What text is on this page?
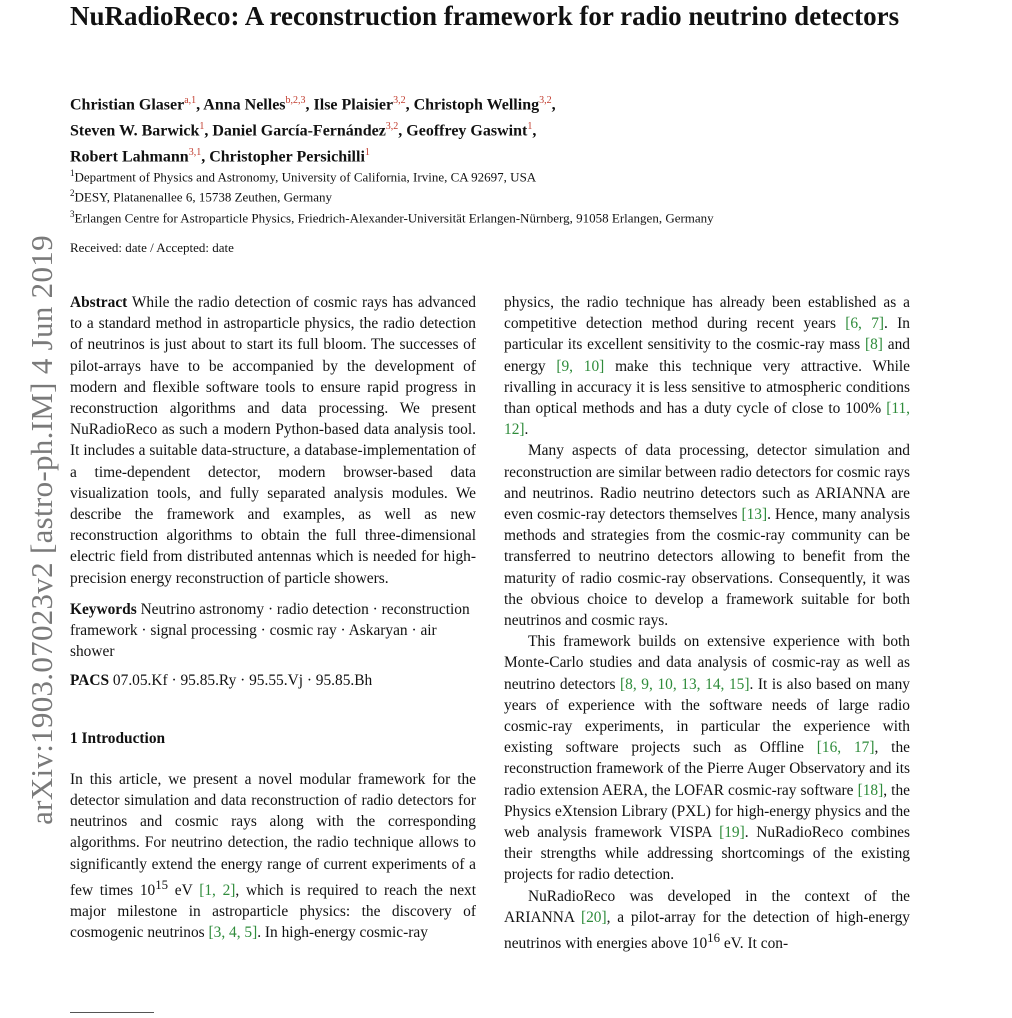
arXiv:1903.07023v2 [astro-ph.IM] 4 Jun 2019
NuRadioReco: A reconstruction framework for radio neutrino detectors
Christian Glaser$^{a,1}$, Anna Nelles$^{b,2,3}$, Ilse Plaisier$^{3,2}$, Christoph Welling$^{3,2}$,
Steven W. Barwick$^1$, Daniel García-Fernández$^{3,2}$, Geoffrey Gaswint$^1$,
Robert Lahmann$^{3,1}$, Christopher Persichilli$^1$
$^1$Department of Physics and Astronomy, University of California, Irvine, CA 92697, USA
$^2$DESY, Platanenallee 6, 15738 Zeuthen, Germany
$^3$Erlangen Centre for Astroparticle Physics, Friedrich-Alexander-Universität Erlangen-Nürnberg, 91058 Erlangen, Germany
Received: date / Accepted: date

Abstract While the radio detection of cosmic rays has advanced to a standard method in astroparticle physics, the radio detection of neutrinos is just about to start its full bloom. The successes of pilot-arrays have to be accompanied by the development of modern and flexible software tools to ensure rapid progress in reconstruction algorithms and data processing. We present NuRadioReco as such a modern Python-based data analysis tool. It includes a suitable data-structure, a database-implementation of a time-dependent detector, modern browser-based data visualization tools, and fully separated analysis modules. We describe the framework and examples, as well as new reconstruction algorithms to obtain the full three-dimensional electric field from distributed antennas which is needed for high-precision energy reconstruction of particle showers.

Keywords Neutrino astronomy · radio detection · reconstruction framework · signal processing · cosmic ray · Askaryan · air shower

PACS 07.05.Kf · 95.85.Ry · 95.55.Vj · 95.85.Bh

1 Introduction

In this article, we present a novel modular framework for the detector simulation and data reconstruction of radio detectors for neutrinos and cosmic rays along with the corresponding algorithms. For neutrino detection, the radio technique allows to significantly extend the energy range of current experiments of a few times $10^{15}$ eV [1, 2], which is required to reach the next major milestone in astroparticle physics: the discovery of cosmogenic neutrinos [3, 4, 5]. In high-energy cosmic-ray

physics, the radio technique has already been established as a competitive detection method during recent years [6, 7]. In particular its excellent sensitivity to the cosmic-ray mass [8] and energy [9, 10] make this technique very attractive. While rivalling in accuracy it is less sensitive to atmospheric conditions than optical methods and has a duty cycle of close to 100% [11, 12].

Many aspects of data processing, detector simulation and reconstruction are similar between radio detectors for cosmic rays and neutrinos. Radio neutrino detectors such as ARIANNA are even cosmic-ray detectors themselves [13]. Hence, many analysis methods and strategies from the cosmic-ray community can be transferred to neutrino detectors allowing to benefit from the maturity of radio cosmic-ray observations. Consequently, it was the obvious choice to develop a framework suitable for both neutrinos and cosmic rays.

This framework builds on extensive experience with both Monte-Carlo studies and data analysis of cosmic-ray as well as neutrino detectors [8, 9, 10, 13, 14, 15]. It is also based on many years of experience with the software needs of large radio cosmic-ray experiments, in particular the experience with existing software projects such as Offline [16, 17], the reconstruction framework of the Pierre Auger Observatory and its radio extension AERA, the LOFAR cosmic-ray software [18], the Physics eXtension Library (PXL) for high-energy physics and the web analysis framework VISPA [19]. NuRadioReco combines their strengths while addressing shortcomings of the existing projects for radio detection.

NuRadioReco was developed in the context of the ARIANNA [20], a pilot-array for the detection of high-energy neutrinos with energies above $10^{16}$ eV. It con-
